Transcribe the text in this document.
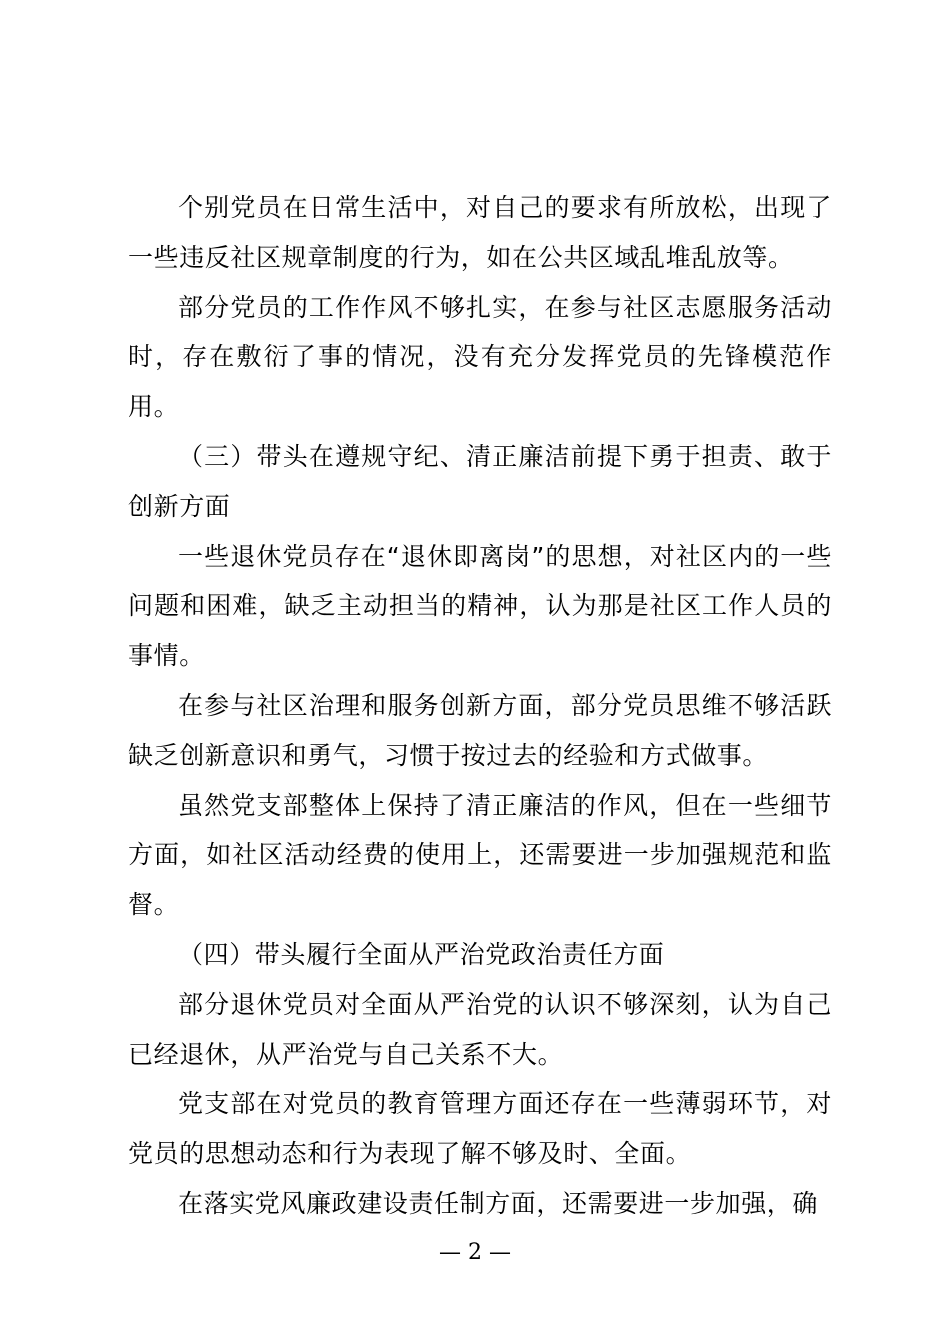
个别党员在日常生活中，对自己的要求有所放松，出现了一些违反社区规章制度的行为，如在公共区域乱堆乱放等。

部分党员的工作作风不够扎实，在参与社区志愿服务活动时，存在敷衍了事的情况，没有充分发挥党员的先锋模范作用。

（三）带头在遵规守纪、清正廉洁前提下勇于担责、敢于创新方面

一些退休党员存在“退休即离岗”的思想，对社区内的一些问题和困难，缺乏主动担当的精神，认为那是社区工作人员的事情。

在参与社区治理和服务创新方面，部分党员思维不够活跃缺乏创新意识和勇气，习惯于按过去的经验和方式做事。

虽然党支部整体上保持了清正廉洁的作风，但在一些细节方面，如社区活动经费的使用上，还需要进一步加强规范和监督。

（四）带头履行全面从严治党政治责任方面

部分退休党员对全面从严治党的认识不够深刻，认为自己已经退休，从严治党与自己关系不大。

党支部在对党员的教育管理方面还存在一些薄弱环节，对党员的思想动态和行为表现了解不够及时、全面。

在落实党风廉政建设责任制方面，还需要进一步加强，确

— 2 —
